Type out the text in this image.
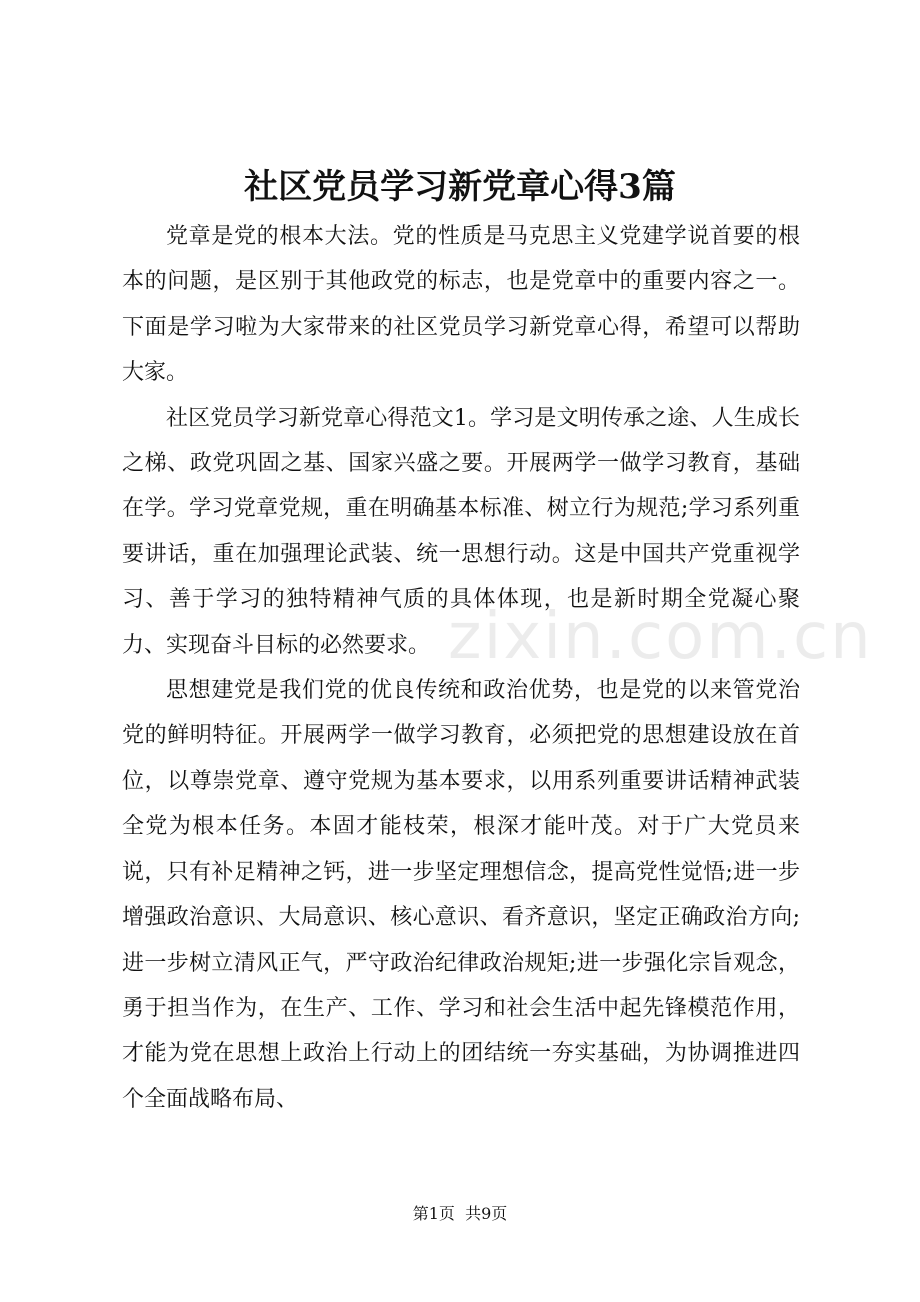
zixin.com.cn
社区党员学习新党章心得3篇

党章是党的根本大法。党的性质是马克思主义党建学说首要的根本的问题，是区别于其他政党的标志，也是党章中的重要内容之一。下面是学习啦为大家带来的社区党员学习新党章心得，希望可以帮助大家。

社区党员学习新党章心得范文1。学习是文明传承之途、人生成长之梯、政党巩固之基、国家兴盛之要。开展两学一做学习教育，基础在学。学习党章党规，重在明确基本标准、树立行为规范;学习系列重要讲话，重在加强理论武装、统一思想行动。这是中国共产党重视学习、善于学习的独特精神气质的具体体现，也是新时期全党凝心聚力、实现奋斗目标的必然要求。

思想建党是我们党的优良传统和政治优势，也是党的以来管党治党的鲜明特征。开展两学一做学习教育，必须把党的思想建设放在首位，以尊崇党章、遵守党规为基本要求，以用系列重要讲话精神武装全党为根本任务。本固才能枝荣，根深才能叶茂。对于广大党员来说，只有补足精神之钙，进一步坚定理想信念，提高党性觉悟;进一步增强政治意识、大局意识、核心意识、看齐意识，坚定正确政治方向;进一步树立清风正气，严守政治纪律政治规矩;进一步强化宗旨观念，勇于担当作为，在生产、工作、学习和社会生活中起先锋模范作用，才能为党在思想上政治上行动上的团结统一夯实基础，为协调推进四个全面战略布局、

第1页 共9页
